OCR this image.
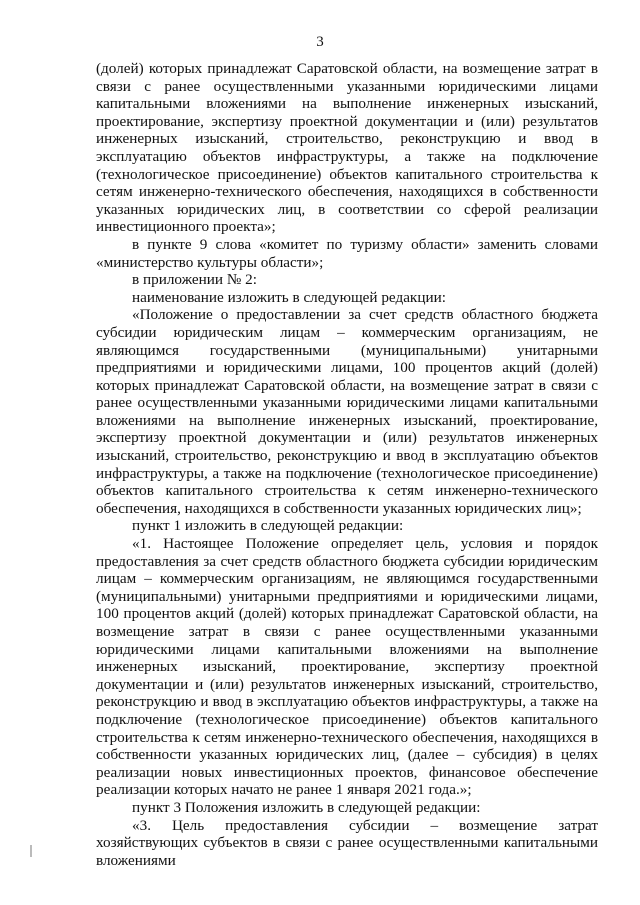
3

(долей) которых принадлежат Саратовской области, на возмещение затрат в связи с ранее осуществленными указанными юридическими лицами капитальными вложениями на выполнение инженерных изысканий, проектирование, экспертизу проектной документации и (или) результатов инженерных изысканий, строительство, реконструкцию и ввод в эксплуатацию объектов инфраструктуры, а также на подключение (технологическое присоединение) объектов капитального строительства к сетям инженерно-технического обеспечения, находящихся в собственности указанных юридических лиц, в соответствии со сферой реализации инвестиционного проекта»;

в пункте 9 слова «комитет по туризму области» заменить словами «министерство культуры области»;

в приложении № 2:

наименование изложить в следующей редакции:

«Положение о предоставлении за счет средств областного бюджета субсидии юридическим лицам – коммерческим организациям, не являющимся государственными (муниципальными) унитарными предприятиями и юридическими лицами, 100 процентов акций (долей) которых принадлежат Саратовской области, на возмещение затрат в связи с ранее осуществленными указанными юридическими лицами капитальными вложениями на выполнение инженерных изысканий, проектирование, экспертизу проектной документации и (или) результатов инженерных изысканий, строительство, реконструкцию и ввод в эксплуатацию объектов инфраструктуры, а также на подключение (технологическое присоединение) объектов капитального строительства к сетям инженерно-технического обеспечения, находящихся в собственности указанных юридических лиц»;

пункт 1 изложить в следующей редакции:

«1. Настоящее Положение определяет цель, условия и порядок предоставления за счет средств областного бюджета субсидии юридическим лицам – коммерческим организациям, не являющимся государственными (муниципальными) унитарными предприятиями и юридическими лицами, 100 процентов акций (долей) которых принадлежат Саратовской области, на возмещение затрат в связи с ранее осуществленными указанными юридическими лицами капитальными вложениями на выполнение инженерных изысканий, проектирование, экспертизу проектной документации и (или) результатов инженерных изысканий, строительство, реконструкцию и ввод в эксплуатацию объектов инфраструктуры, а также на подключение (технологическое присоединение) объектов капитального строительства к сетям инженерно-технического обеспечения, находящихся в собственности указанных юридических лиц, (далее – субсидия) в целях реализации новых инвестиционных проектов, финансовое обеспечение реализации которых начато не ранее 1 января 2021 года.»;

пункт 3 Положения изложить в следующей редакции:

«3. Цель предоставления субсидии – возмещение затрат хозяйствующих субъектов в связи с ранее осуществленными капитальными вложениями
